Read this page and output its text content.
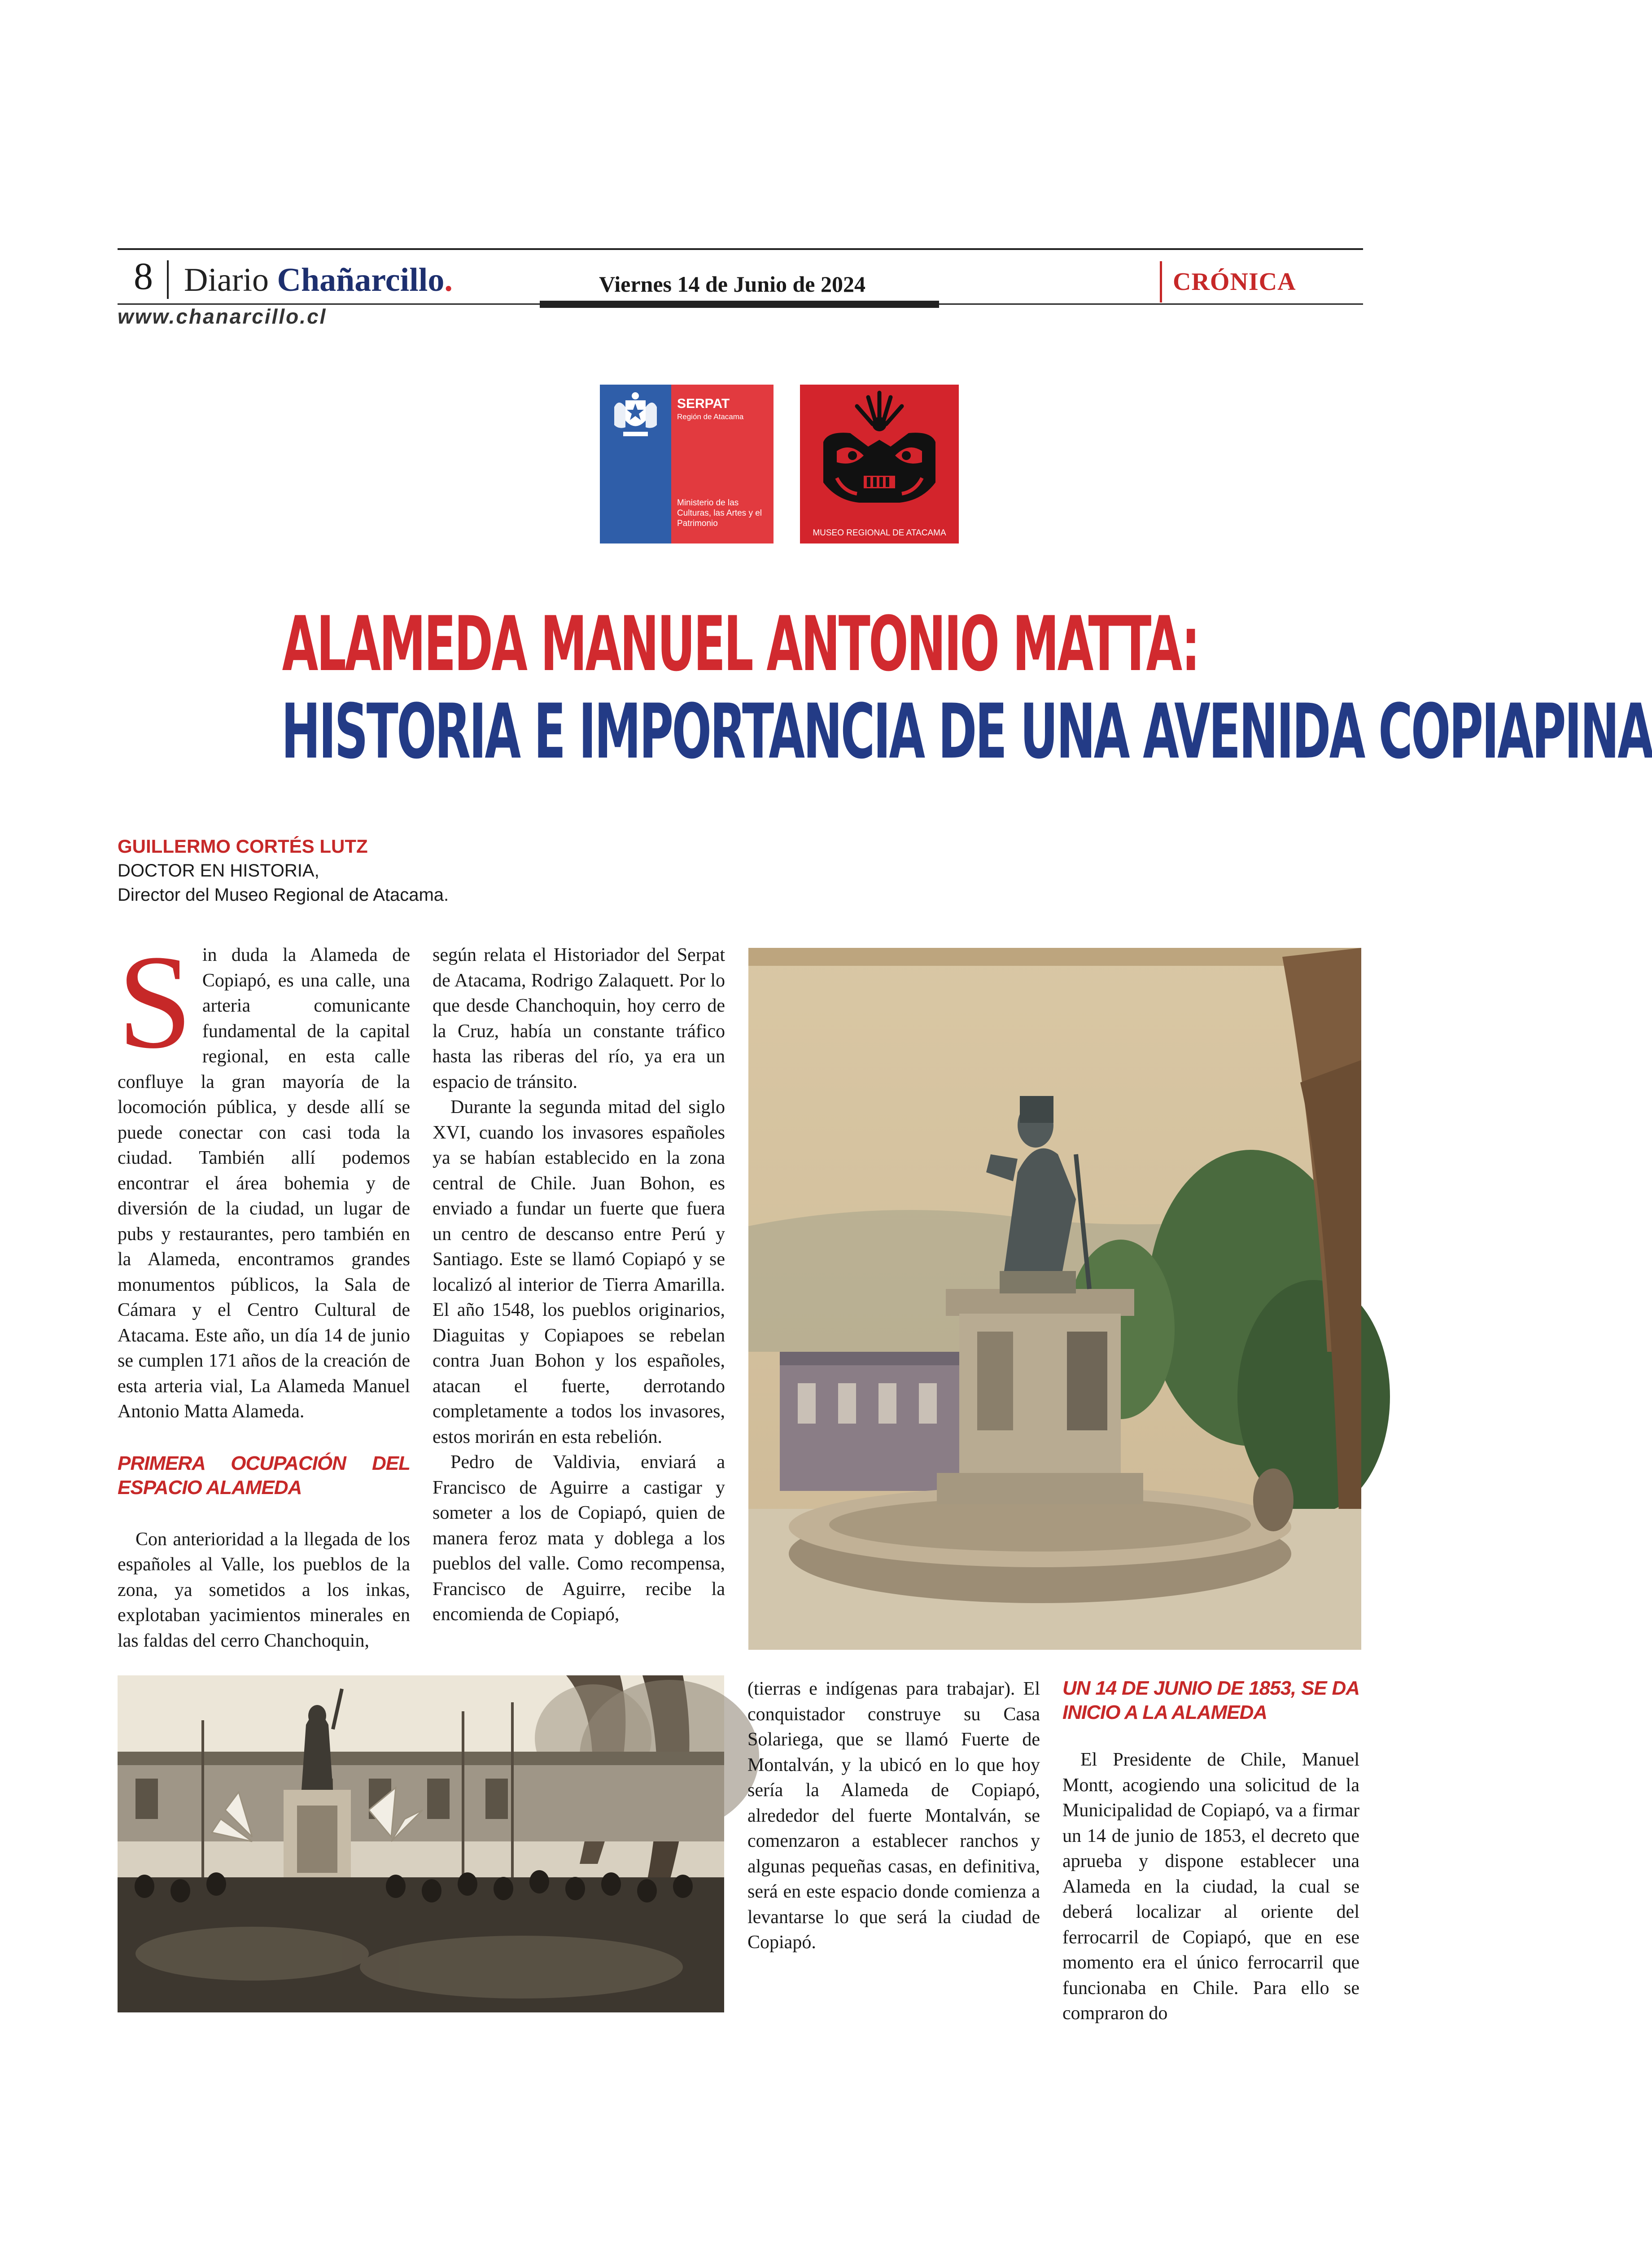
8 Diario Chañarcillo.	Viernes 14 de Junio de 2024	CRÓNICA
www.chanarcillo.cl
SERPAT
Región de Atacama
Ministerio de las Culturas, las Artes y el Patrimonio
MUSEO REGIONAL DE ATACAMA
ALAMEDA MANUEL ANTONIO MATTA:
HISTORIA E IMPORTANCIA DE UNA AVENIDA COPIAPINA
GUILLERMO CORTÉS LUTZ
DOCTOR EN HISTORIA,
Director del Museo Regional de Atacama.

Sin duda la Alameda de Copiapó, es una calle, una arteria comunicante fundamental de la capital regional, en esta calle confluye la gran mayoría de la locomoción pública, y desde allí se puede conectar con casi toda la ciudad. También allí podemos encontrar el área bohemia y de diversión de la ciudad, un lugar de pubs y restaurantes, pero también en la Alameda, encontramos grandes monumentos públicos, la Sala de Cámara y el Centro Cultural de Atacama. Este año, un día 14 de junio se cumplen 171 años de la creación de esta arteria vial, La Alameda Manuel Antonio Matta Alameda.

PRIMERA OCUPACIÓN DEL ESPACIO ALAMEDA

Con anterioridad a la llegada de los españoles al Valle, los pueblos de la zona, ya sometidos a los inkas, explotaban yacimientos minerales en las faldas del cerro Chanchoquin,

según relata el Historiador del Serpat de Atacama, Rodrigo Zalaquett. Por lo que desde Chanchoquin, hoy cerro de la Cruz, había un constante tráfico hasta las riberas del río, ya era un espacio de tránsito.

Durante la segunda mitad del siglo XVI, cuando los invasores españoles ya se habían establecido en la zona central de Chile. Juan Bohon, es enviado a fundar un fuerte que fuera un centro de descanso entre Perú y Santiago. Este se llamó Copiapó y se localizó al interior de Tierra Amarilla. El año 1548, los pueblos originarios, Diaguitas y Copiapoes se rebelan contra Juan Bohon y los españoles, atacan el fuerte, derrotando completamente a todos los invasores, estos morirán en esta rebelión.

Pedro de Valdivia, enviará a Francisco de Aguirre a castigar y someter a los de Copiapó, quien de manera feroz mata y doblega a los pueblos del valle. Como recompensa, Francisco de Aguirre, recibe la encomienda de Copiapó,

(tierras e indígenas para trabajar). El conquistador construye su Casa Solariega, que se llamó Fuerte de Montalván, y la ubicó en lo que hoy sería la Alameda de Copiapó, alrededor del fuerte Montalván, se comenzaron a establecer ranchos y algunas pequeñas casas, en definitiva, será en este espacio donde comienza a levantarse lo que será la ciudad de Copiapó.

UN 14 DE JUNIO DE 1853, SE DA INICIO A LA ALAMEDA

El Presidente de Chile, Manuel Montt, acogiendo una solicitud de la Municipalidad de Copiapó, va a firmar un 14 de junio de 1853, el decreto que aprueba y dispone establecer una Alameda en la ciudad, la cual se deberá localizar al oriente del ferrocarril de Copiapó, que en ese momento era el único ferrocarril que funcionaba en Chile. Para ello se compraron do
